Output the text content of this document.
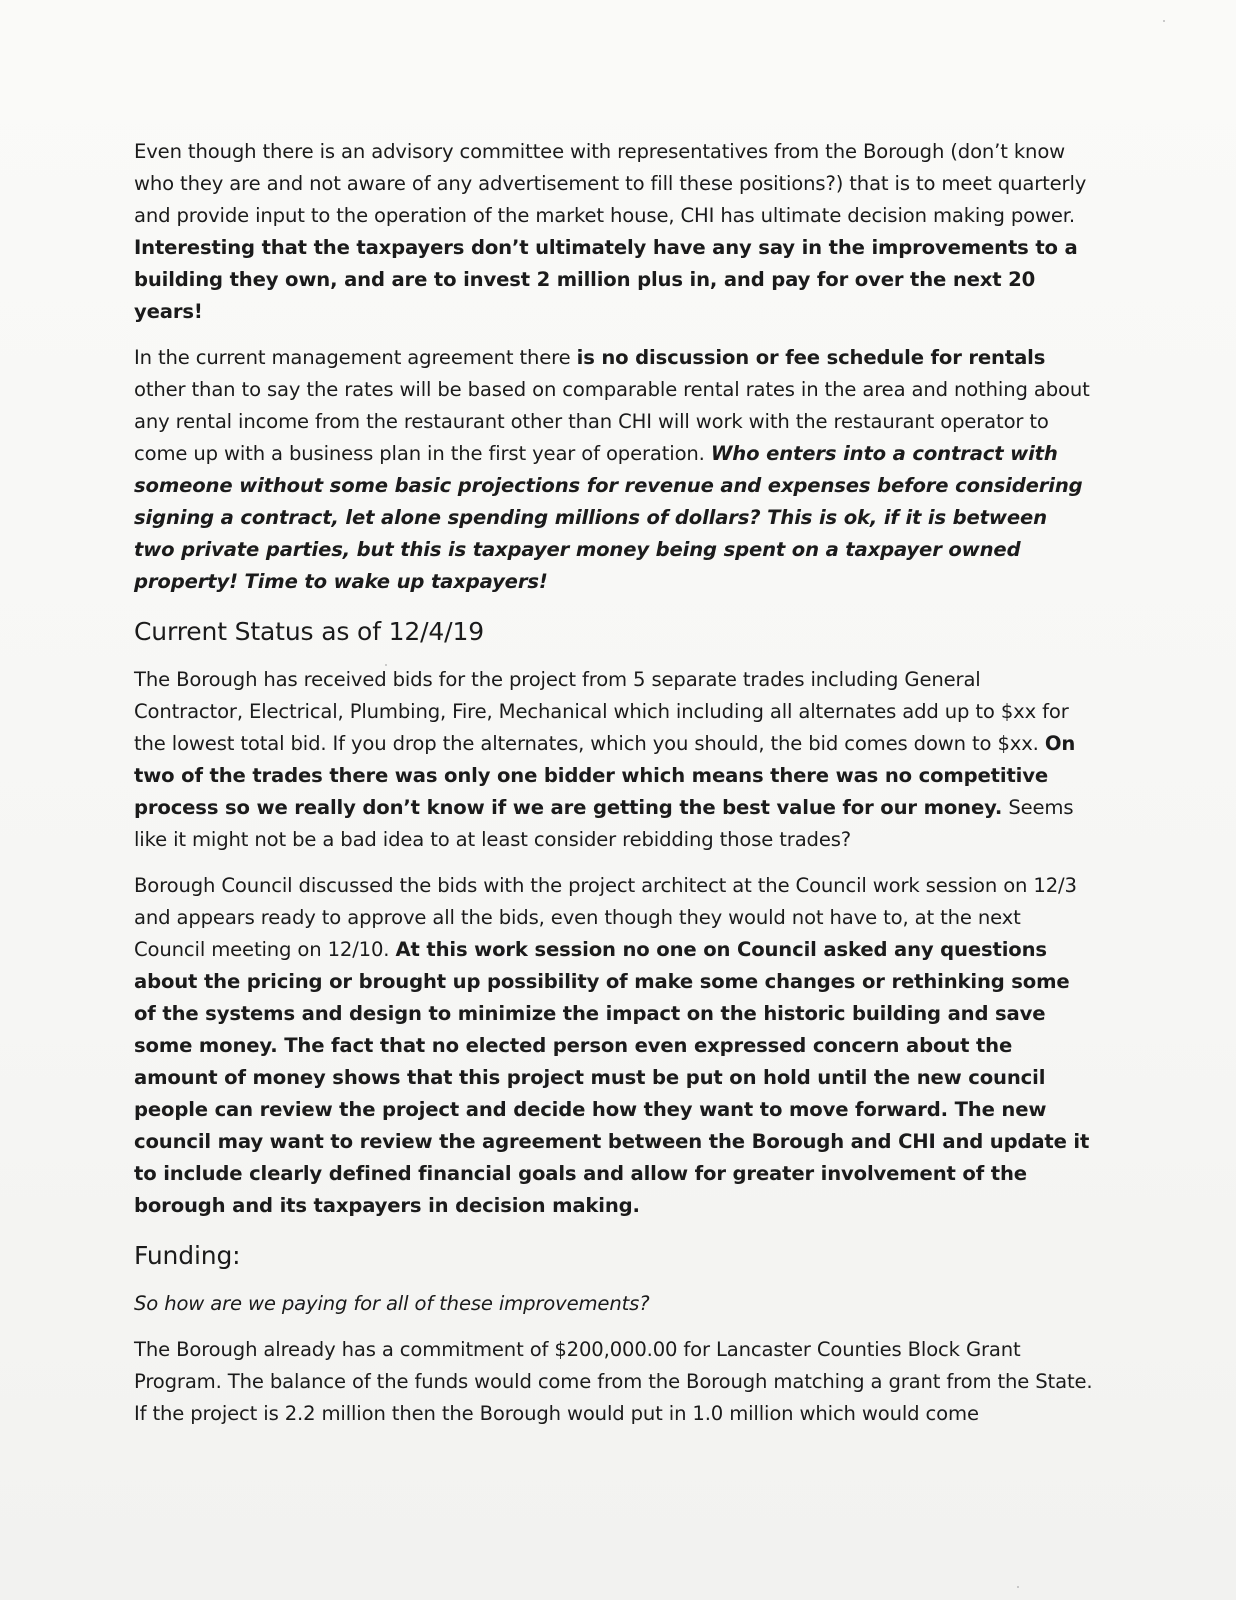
Even though there is an advisory committee with representatives from the Borough (don’t know who they are and not aware of any advertisement to fill these positions?) that is to meet quarterly and provide input to the operation of the market house, CHI has ultimate decision making power. Interesting that the taxpayers don’t ultimately have any say in the improvements to a building they own, and are to invest 2 million plus in, and pay for over the next 20 years!

In the current management agreement there is no discussion or fee schedule for rentals other than to say the rates will be based on comparable rental rates in the area and nothing about any rental income from the restaurant other than CHI will work with the restaurant operator to come up with a business plan in the first year of operation. Who enters into a contract with someone without some basic projections for revenue and expenses before considering signing a contract, let alone spending millions of dollars? This is ok, if it is between two private parties, but this is taxpayer money being spent on a taxpayer owned property! Time to wake up taxpayers!

Current Status as of 12/4/19

The Borough has received bids for the project from 5 separate trades including General Contractor, Electrical, Plumbing, Fire, Mechanical which including all alternates add up to $xx for the lowest total bid. If you drop the alternates, which you should, the bid comes down to $xx. On two of the trades there was only one bidder which means there was no competitive process so we really don’t know if we are getting the best value for our money. Seems like it might not be a bad idea to at least consider rebidding those trades?

Borough Council discussed the bids with the project architect at the Council work session on 12/3 and appears ready to approve all the bids, even though they would not have to, at the next Council meeting on 12/10. At this work session no one on Council asked any questions about the pricing or brought up possibility of make some changes or rethinking some of the systems and design to minimize the impact on the historic building and save some money. The fact that no elected person even expressed concern about the amount of money shows that this project must be put on hold until the new council people can review the project and decide how they want to move forward. The new council may want to review the agreement between the Borough and CHI and update it to include clearly defined financial goals and allow for greater involvement of the borough and its taxpayers in decision making.

Funding:

So how are we paying for all of these improvements?

The Borough already has a commitment of $200,000.00 for Lancaster Counties Block Grant Program. The balance of the funds would come from the Borough matching a grant from the State. If the project is 2.2 million then the Borough would put in 1.0 million which would come
